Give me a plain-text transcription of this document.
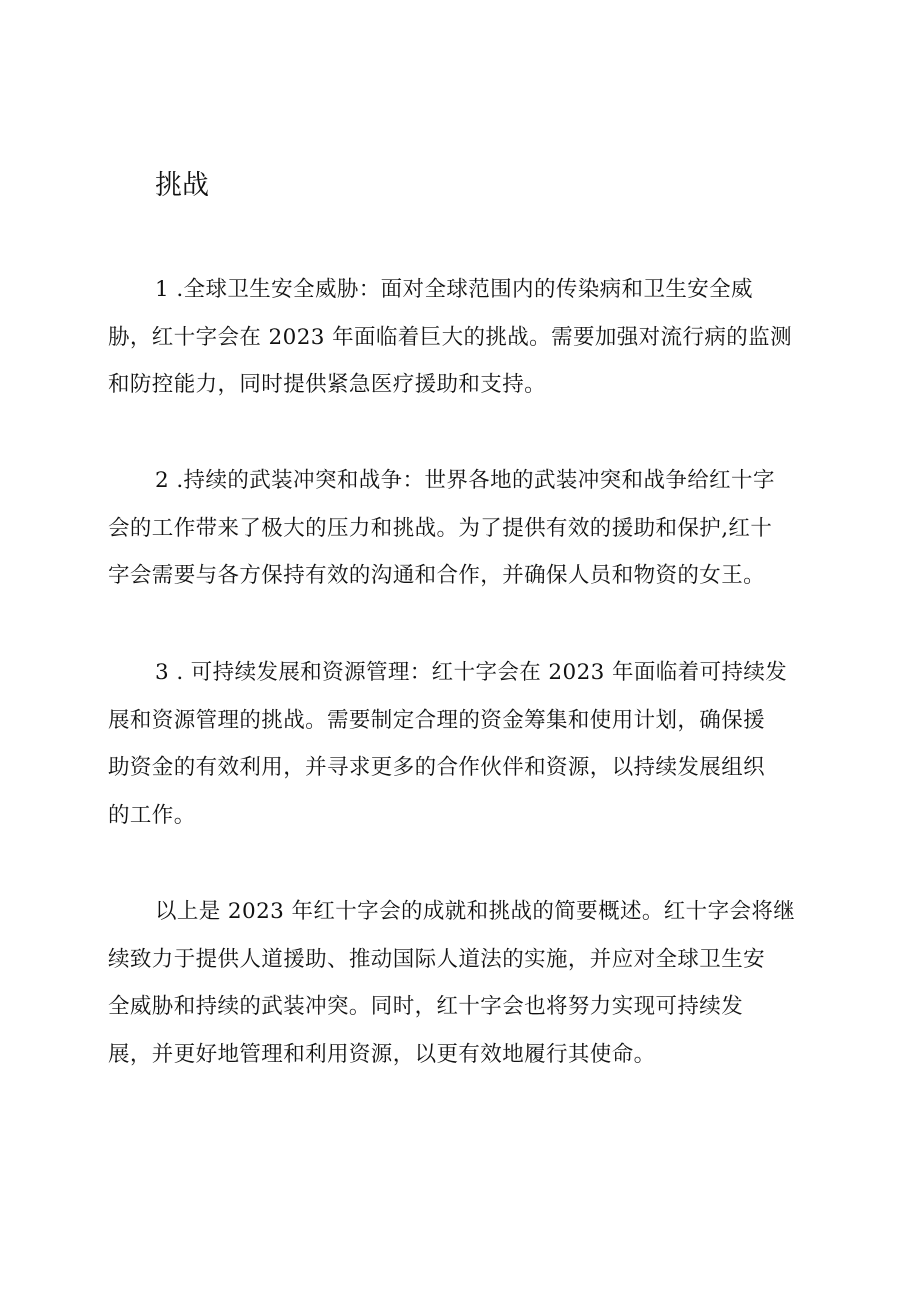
挑战

1 .全球卫生安全威胁：面对全球范围内的传染病和卫生安全威
胁，红十字会在 2023 年面临着巨大的挑战。需要加强对流行病的监测
和防控能力，同时提供紧急医疗援助和支持。

2 .持续的武装冲突和战争：世界各地的武装冲突和战争给红十字
会的工作带来了极大的压力和挑战。为了提供有效的援助和保护,红十
字会需要与各方保持有效的沟通和合作，并确保人员和物资的女王。

3 . 可持续发展和资源管理：红十字会在 2023 年面临着可持续发
展和资源管理的挑战。需要制定合理的资金筹集和使用计划，确保援
助资金的有效利用，并寻求更多的合作伙伴和资源，以持续发展组织
的工作。

以上是 2023 年红十字会的成就和挑战的简要概述。红十字会将继
续致力于提供人道援助、推动国际人道法的实施，并应对全球卫生安
全威胁和持续的武装冲突。同时，红十字会也将努力实现可持续发
展，并更好地管理和利用资源，以更有效地履行其使命。
